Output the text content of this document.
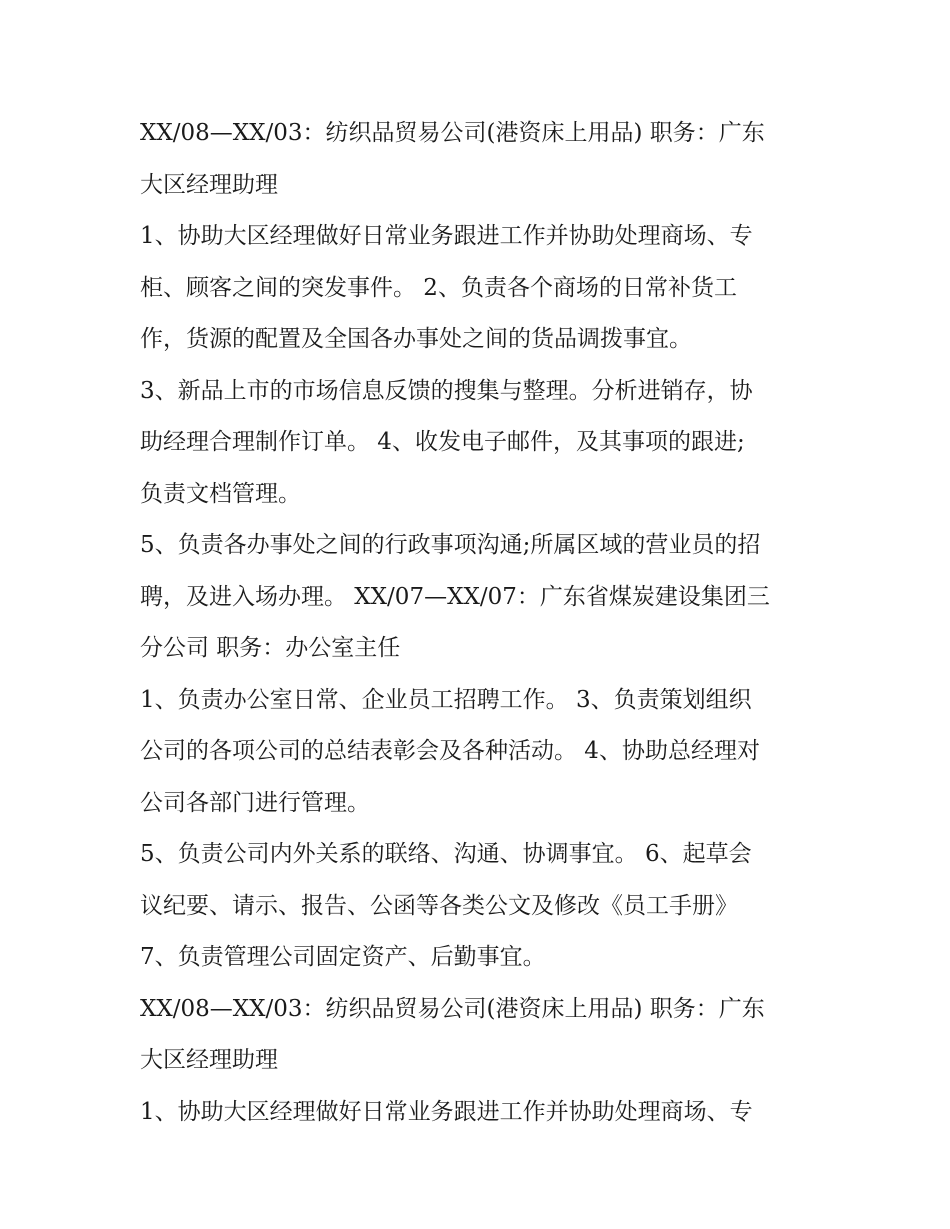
XX/08—XX/03：纺织品贸易公司(港资床上用品) 职务：广东
大区经理助理
1、协助大区经理做好日常业务跟进工作并协助处理商场、专
柜、顾客之间的突发事件。 2、负责各个商场的日常补货工
作，货源的配置及全国各办事处之间的货品调拨事宜。
3、新品上市的市场信息反馈的搜集与整理。分析进销存，协
助经理合理制作订单。 4、收发电子邮件，及其事项的跟进;
负责文档管理。
5、负责各办事处之间的行政事项沟通;所属区域的营业员的招
聘，及进入场办理。 XX/07—XX/07：广东省煤炭建设集团三
分公司 职务：办公室主任
1、负责办公室日常、企业员工招聘工作。 3、负责策划组织
公司的各项公司的总结表彰会及各种活动。 4、协助总经理对
公司各部门进行管理。
5、负责公司内外关系的联络、沟通、协调事宜。 6、起草会
议纪要、请示、报告、公函等各类公文及修改《员工手册》
7、负责管理公司固定资产、后勤事宜。
XX/08—XX/03：纺织品贸易公司(港资床上用品) 职务：广东
大区经理助理
1、协助大区经理做好日常业务跟进工作并协助处理商场、专
